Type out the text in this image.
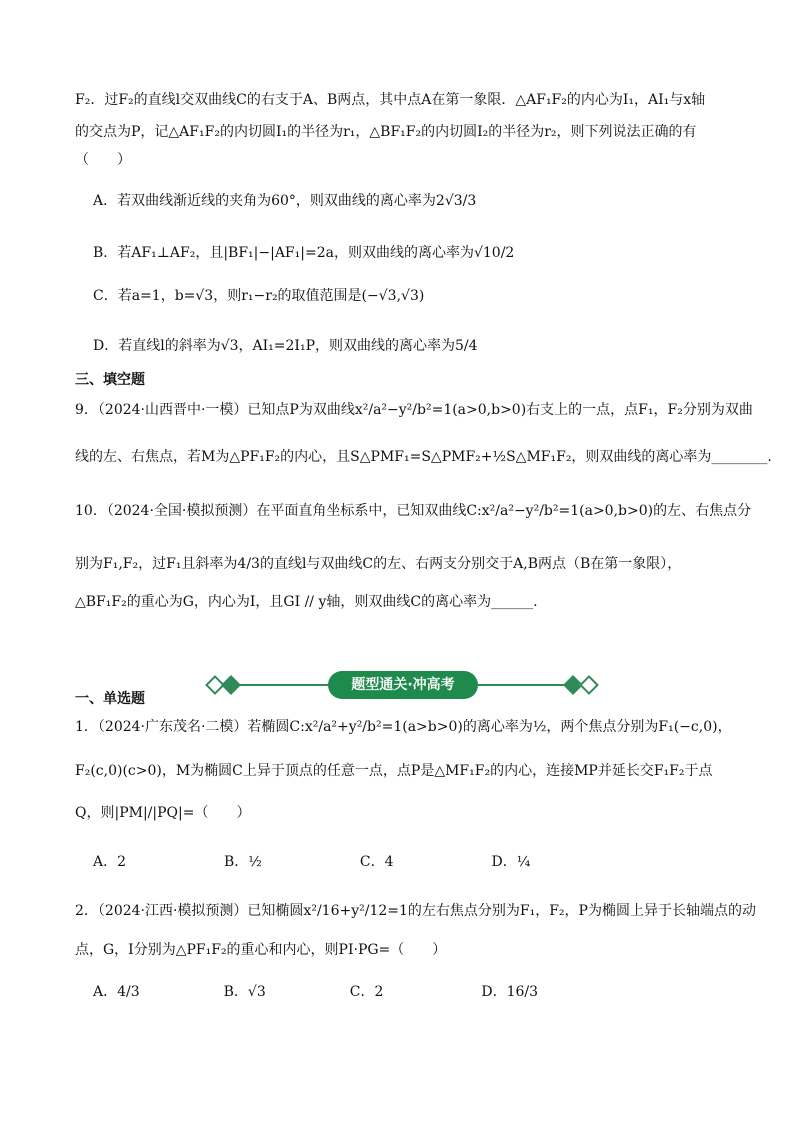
F₂．过F₂的直线l交双曲线C的右支于A、B两点，其中点A在第一象限．△AF₁F₂的内心为I₁，AI₁与x轴
的交点为P，记△AF₁F₂的内切圆I₁的半径为r₁，△BF₁F₂的内切圆I₂的半径为r₂，则下列说法正确的有
（　　）
A．若双曲线渐近线的夹角为60°，则双曲线的离心率为2√3/3
B．若AF₁⊥AF₂，且|BF₁|−|AF₁|=2a，则双曲线的离心率为√10/2
C．若a=1，b=√3，则r₁−r₂的取值范围是(−√3,√3)
D．若直线l的斜率为√3，AI₁=2I₁P，则双曲线的离心率为5/4
三、填空题
9．（2024·山西晋中·一模）已知点P为双曲线x²/a²−y²/b²=1(a>0,b>0)右支上的一点，点F₁，F₂分别为双曲
线的左、右焦点，若M为△PF₁F₂的内心，且S△PMF₁=S△PMF₂+½S△MF₁F₂，则双曲线的离心率为________.
10．（2024·全国·模拟预测）在平面直角坐标系中，已知双曲线C:x²/a²−y²/b²=1(a>0,b>0)的左、右焦点分
别为F₁,F₂，过F₁且斜率为4/3的直线l与双曲线C的左、右两支分别交于A,B两点（B在第一象限），
△BF₁F₂的重心为G，内心为I，且GI // y轴，则双曲线C的离心率为______.
一、单选题
1．（2024·广东茂名·二模）若椭圆C:x²/a²+y²/b²=1(a>b>0)的离心率为½，两个焦点分别为F₁(−c,0)，
F₂(c,0)(c>0)，M为椭圆C上异于顶点的任意一点，点P是△MF₁F₂的内心，连接MP并延长交F₁F₂于点
Q，则|PM|/|PQ|=（　　）
A．2　　　　　　　B．½　　　　　　　C．4　　　　　　　D．¼
2．（2024·江西·模拟预测）已知椭圆x²/16+y²/12=1的左右焦点分别为F₁，F₂，P为椭圆上异于长轴端点的动
点，G，I分别为△PF₁F₂的重心和内心，则PI·PG=（　　）
A．4/3　　　　　　B．√3　　　　　　C．2　　　　　　　D．16/3
题型通关·冲高考
